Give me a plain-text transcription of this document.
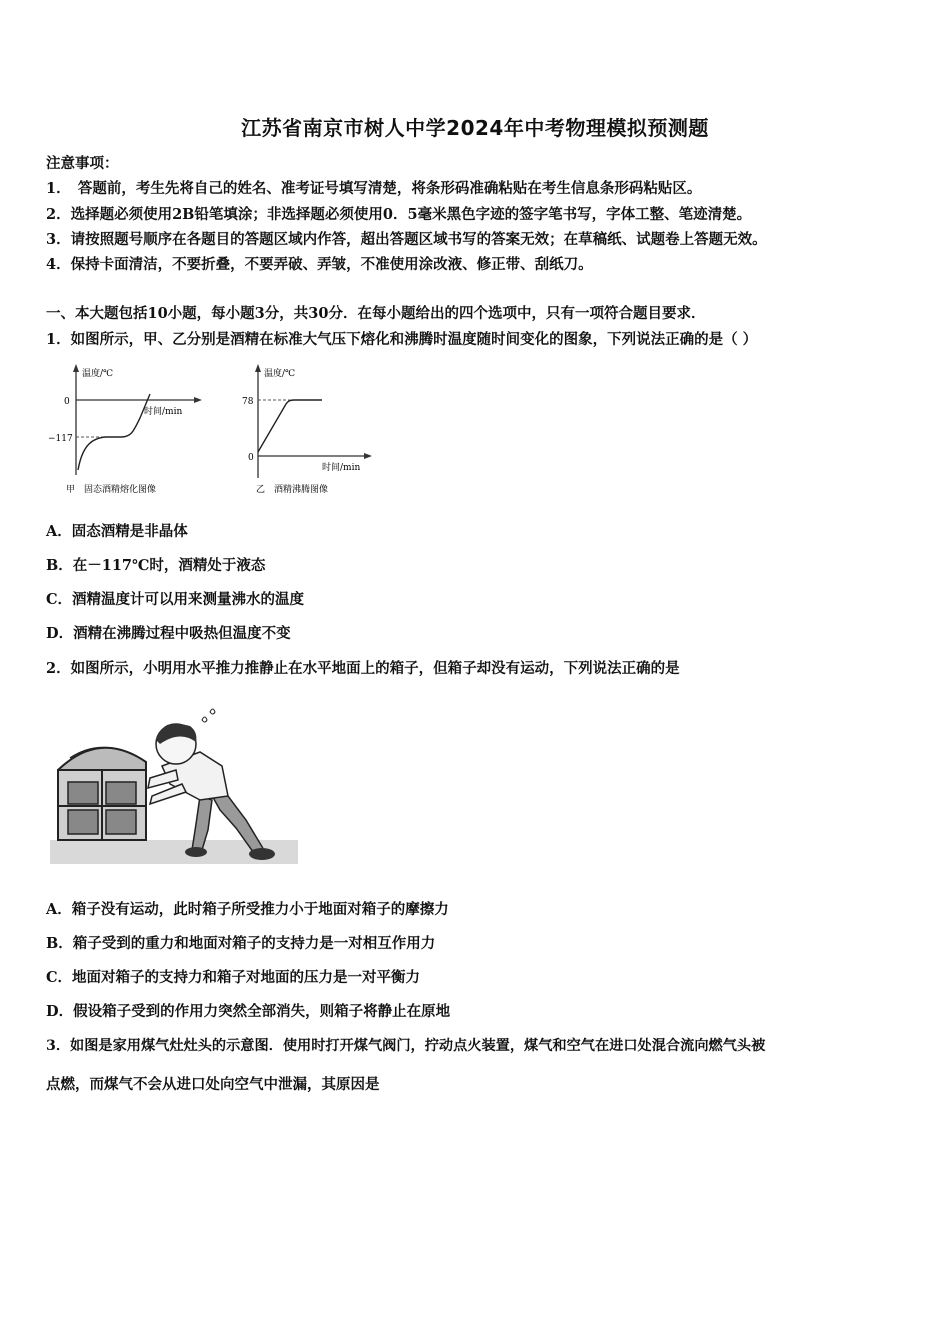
江苏省南京市树人中学2024年中考物理模拟预测题
注意事项：
1．　答题前，考生先将自己的姓名、准考证号填写清楚，将条形码准确粘贴在考生信息条形码粘贴区。
2．选择题必须使用2B铅笔填涂；非选择题必须使用0．5毫米黑色字迹的签字笔书写，字体工整、笔迹清楚。
3．请按照题号顺序在各题目的答题区域内作答，超出答题区域书写的答案无效；在草稿纸、试题卷上答题无效。
4．保持卡面清洁，不要折叠，不要弄破、弄皱，不准使用涂改液、修正带、刮纸刀。
一、本大题包括10小题，每小题3分，共30分．在每小题给出的四个选项中，只有一项符合题目要求．
1．如图所示，甲、乙分别是酒精在标准大气压下熔化和沸腾时温度随时间变化的图象，下列说法正确的是（ ）
温度/℃
时间/min
0
−117
甲　固态酒精熔化图像
温度/℃
时间/min
78
0
乙　酒精沸腾图像
A．固态酒精是非晶体
B．在－117℃时，酒精处于液态
C．酒精温度计可以用来测量沸水的温度
D．酒精在沸腾过程中吸热但温度不变
2．如图所示，小明用水平推力推静止在水平地面上的箱子，但箱子却没有运动，下列说法正确的是
A．箱子没有运动，此时箱子所受推力小于地面对箱子的摩擦力
B．箱子受到的重力和地面对箱子的支持力是一对相互作用力
C．地面对箱子的支持力和箱子对地面的压力是一对平衡力
D．假设箱子受到的作用力突然全部消失，则箱子将静止在原地
3．如图是家用煤气灶灶头的示意图．使用时打开煤气阀门，拧动点火装置，煤气和空气在进口处混合流向燃气头被
点燃，而煤气不会从进口处向空气中泄漏，其原因是
